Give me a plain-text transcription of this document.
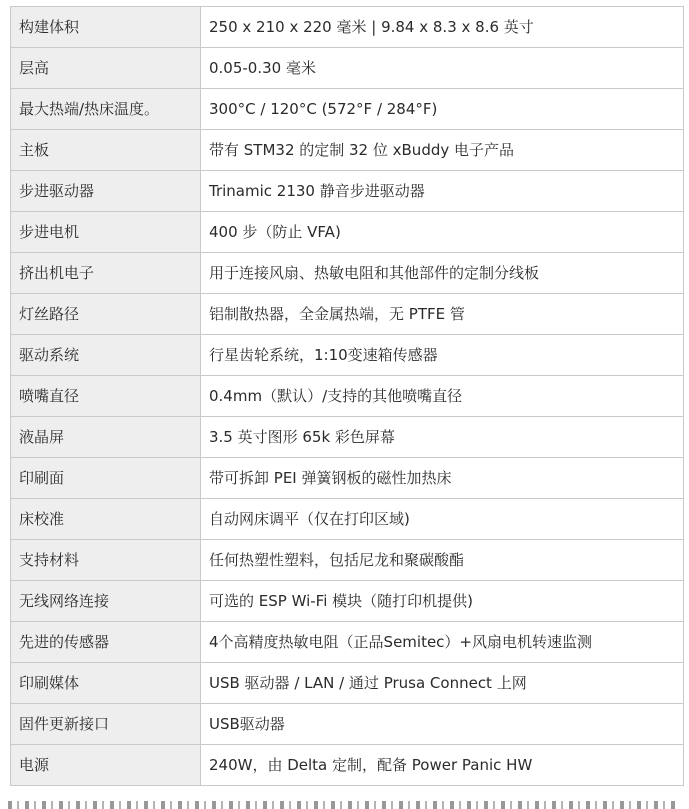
构建体积	250 x 210 x 220 毫米 | 9.84 x 8.3 x 8.6 英寸
层高	0.05-0.30 毫米
最大热端/热床温度。	300°C / 120°C (572°F / 284°F)
主板	带有 STM32 的定制 32 位 xBuddy 电子产品
步进驱动器	Trinamic 2130 静音步进驱动器
步进电机	400 步（防止 VFA)
挤出机电子	用于连接风扇、热敏电阻和其他部件的定制分线板
灯丝路径	铝制散热器，全金属热端，无 PTFE 管
驱动系统	行星齿轮系统，1:10变速箱传感器
喷嘴直径	0.4mm（默认）/支持的其他喷嘴直径
液晶屏	3.5 英寸图形 65k 彩色屏幕
印刷面	带可拆卸 PEI 弹簧钢板的磁性加热床
床校准	自动网床调平（仅在打印区域)
支持材料	任何热塑性塑料，包括尼龙和聚碳酸酯
无线网络连接	可选的 ESP Wi-Fi 模块（随打印机提供)
先进的传感器	4个高精度热敏电阻（正品Semitec）+风扇电机转速监测
印刷媒体	USB 驱动器 / LAN / 通过 Prusa Connect 上网
固件更新接口	USB驱动器
电源	240W，由 Delta 定制，配备 Power Panic HW
